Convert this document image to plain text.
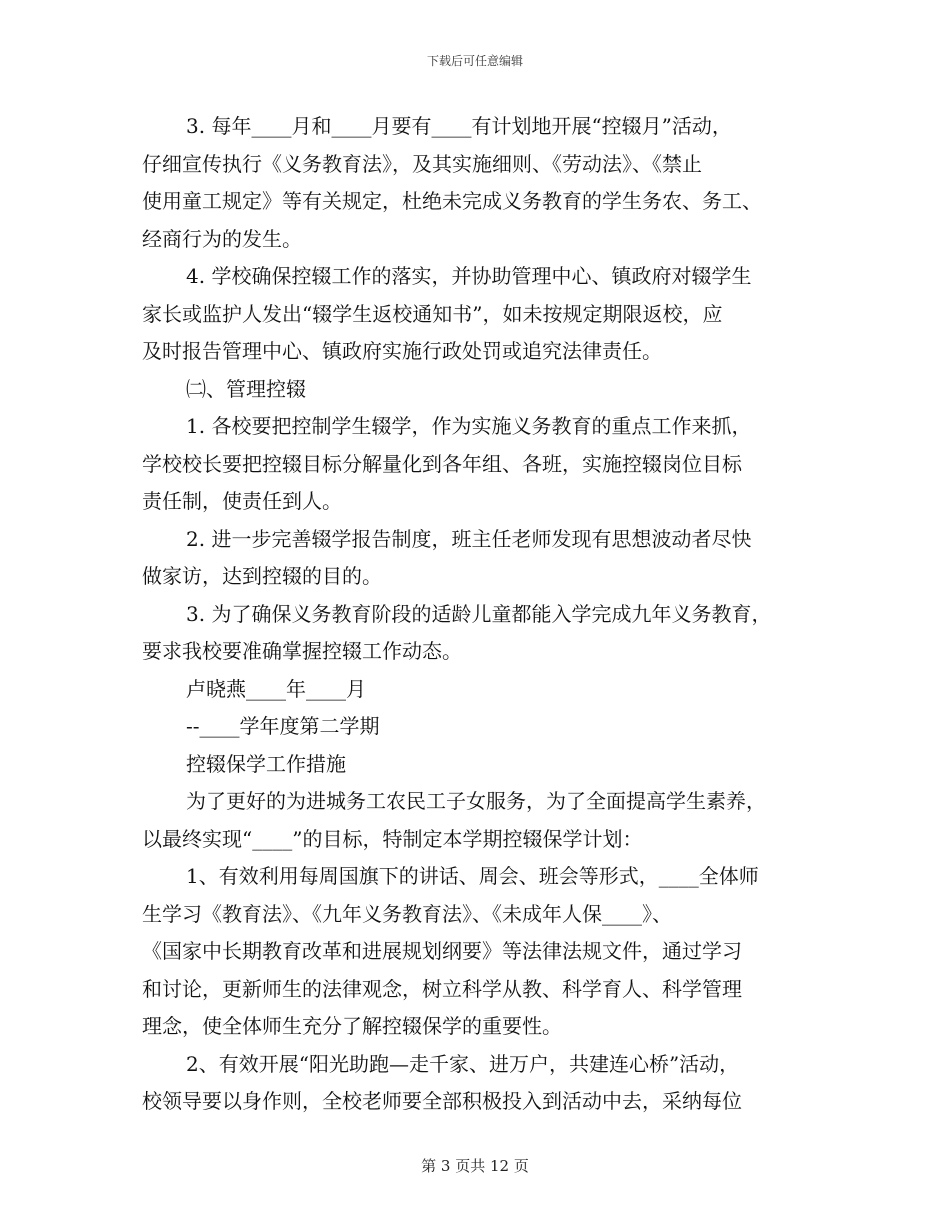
下载后可任意编辑
3. 每年____月和____月要有____有计划地开展“控辍月”活动，
仔细宣传执行《义务教育法》，及其实施细则、《劳动法》、《禁止
使用童工规定》等有关规定，杜绝未完成义务教育的学生务农、务工、
经商行为的发生。
4. 学校确保控辍工作的落实，并协助管理中心、镇政府对辍学生
家长或监护人发出“辍学生返校通知书”，如未按规定期限返校，应
及时报告管理中心、镇政府实施行政处罚或追究法律责任。
㈡、管理控辍
1. 各校要把控制学生辍学，作为实施义务教育的重点工作来抓，
学校校长要把控辍目标分解量化到各年组、各班，实施控辍岗位目标
责任制，使责任到人。
2. 进一步完善辍学报告制度，班主任老师发现有思想波动者尽快
做家访，达到控辍的目的。
3. 为了确保义务教育阶段的适龄儿童都能入学完成九年义务教育，
要求我校要准确掌握控辍工作动态。
卢晓燕____年____月
--____学年度第二学期
控辍保学工作措施
为了更好的为进城务工农民工子女服务，为了全面提高学生素养，
以最终实现“____”的目标，特制定本学期控辍保学计划：
1、有效利用每周国旗下的讲话、周会、班会等形式，____全体师
生学习《教育法》、《九年义务教育法》、《未成年人保____》、
《国家中长期教育改革和进展规划纲要》等法律法规文件，通过学习
和讨论，更新师生的法律观念，树立科学从教、科学育人、科学管理
理念，使全体师生充分了解控辍保学的重要性。
2、有效开展“阳光助跑—走千家、进万户，共建连心桥”活动，
校领导要以身作则，全校老师要全部积极投入到活动中去，采纳每位
第 3 页共 12 页
